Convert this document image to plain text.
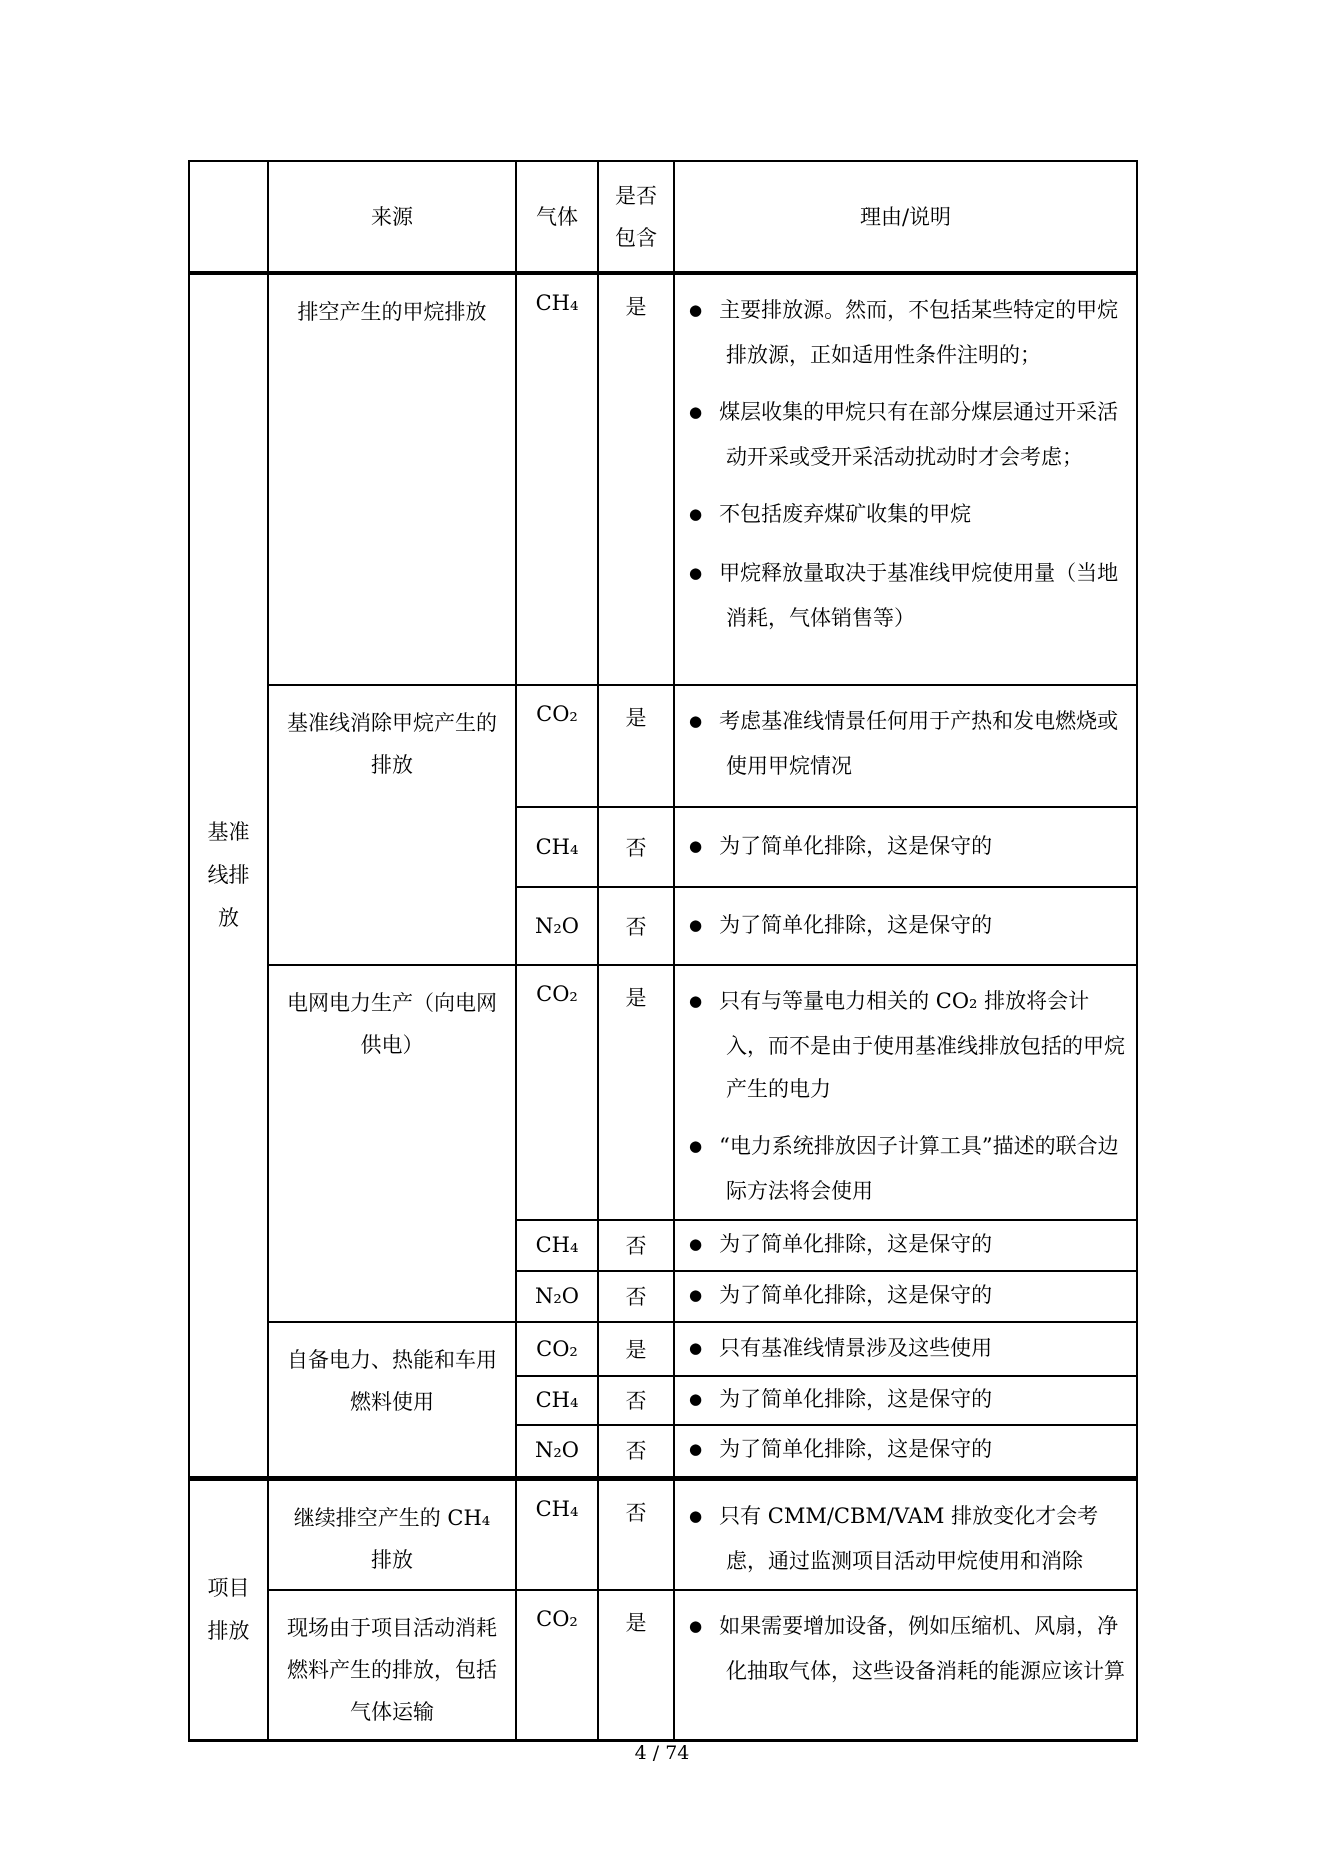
	来源	气体	是否包含	理由/说明
基准线排放	排空产生的甲烷排放	CH₄	是	● 主要排放源。然而，不包括某些特定的甲烷排放源，正如适用性条件注明的；
● 煤层收集的甲烷只有在部分煤层通过开采活动开采或受开采活动扰动时才会考虑；
● 不包括废弃煤矿收集的甲烷
● 甲烷释放量取决于基准线甲烷使用量（当地消耗，气体销售等）

	基准线消除甲烷产生的排放	CO₂	是	● 考虑基准线情景任何用于产热和发电燃烧或使用甲烷情况

		CH₄	否	● 为了简单化排除，这是保守的

		N₂O	否	● 为了简单化排除，这是保守的

	电网电力生产（向电网供电）	CO₂	是	● 只有与等量电力相关的 CO₂ 排放将会计入，而不是由于使用基准线排放包括的甲烷产生的电力
● “电力系统排放因子计算工具”描述的联合边际方法将会使用

		CH₄	否	● 为了简单化排除，这是保守的

		N₂O	否	● 为了简单化排除，这是保守的

	自备电力、热能和车用燃料使用	CO₂	是	● 只有基准线情景涉及这些使用

		CH₄	否	● 为了简单化排除，这是保守的

		N₂O	否	● 为了简单化排除，这是保守的

项目排放	继续排空产生的 CH₄ 排放	CH₄	否	● 只有 CMM/CBM/VAM 排放变化才会考虑，通过监测项目活动甲烷使用和消除

	现场由于项目活动消耗燃料产生的排放，包括气体运输	CO₂	是	● 如果需要增加设备，例如压缩机、风扇，净化抽取气体，这些设备消耗的能源应该计算
4 / 74
